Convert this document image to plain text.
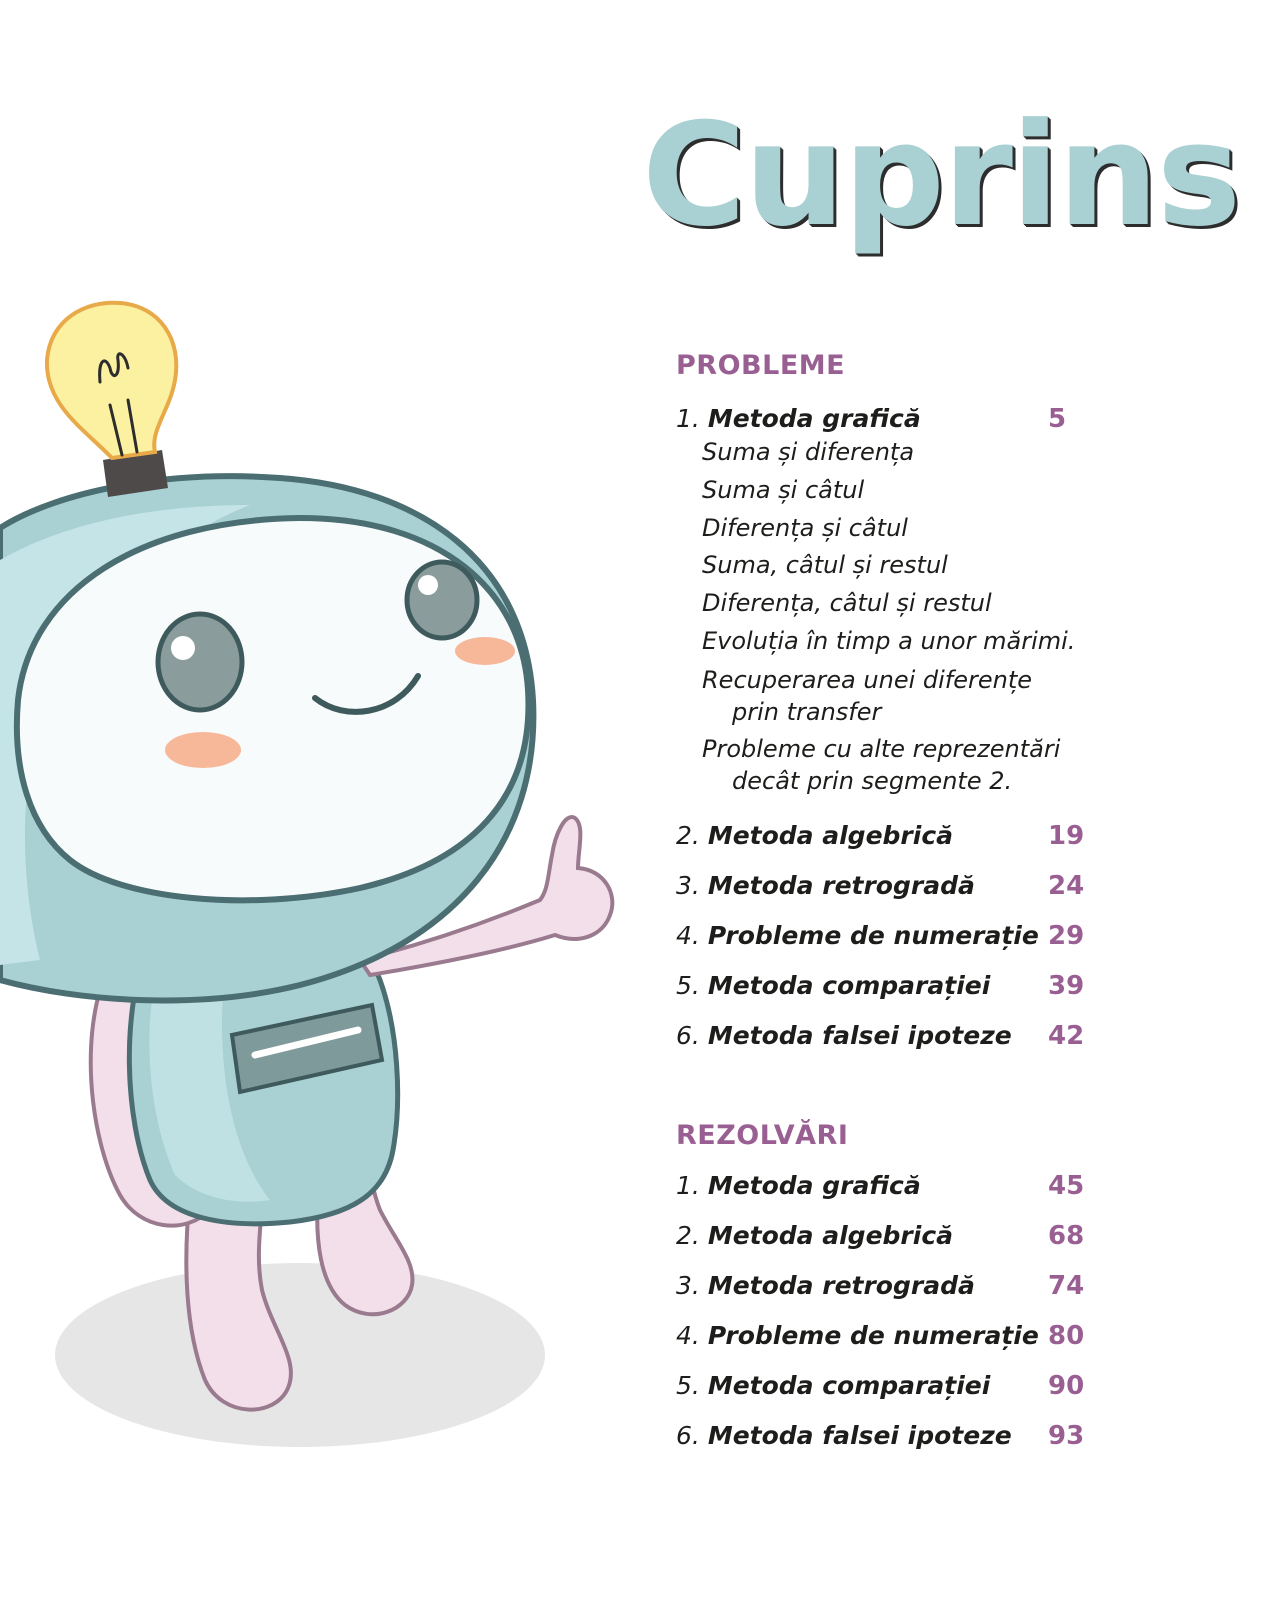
Cuprins
PROBLEME
1. Metoda grafică	5
Suma și diferența
Suma și câtul
Diferența și câtul
Suma, câtul și restul
Diferența, câtul și restul
Evoluția în timp a unor mărimi.
Recuperarea unei diferențe
prin transfer
Probleme cu alte reprezentări
decât prin segmente 2.
2. Metoda algebrică	19
3. Metoda retrogradă	24
4. Probleme de numerație 29
5. Metoda comparației 39
6. Metoda falsei ipoteze 42
REZOLVĂRI
1. Metoda grafică	45
2. Metoda algebrică	68
3. Metoda retrogradă	74
4. Probleme de numerație 80
5. Metoda comparației 90
6. Metoda falsei ipoteze 93
